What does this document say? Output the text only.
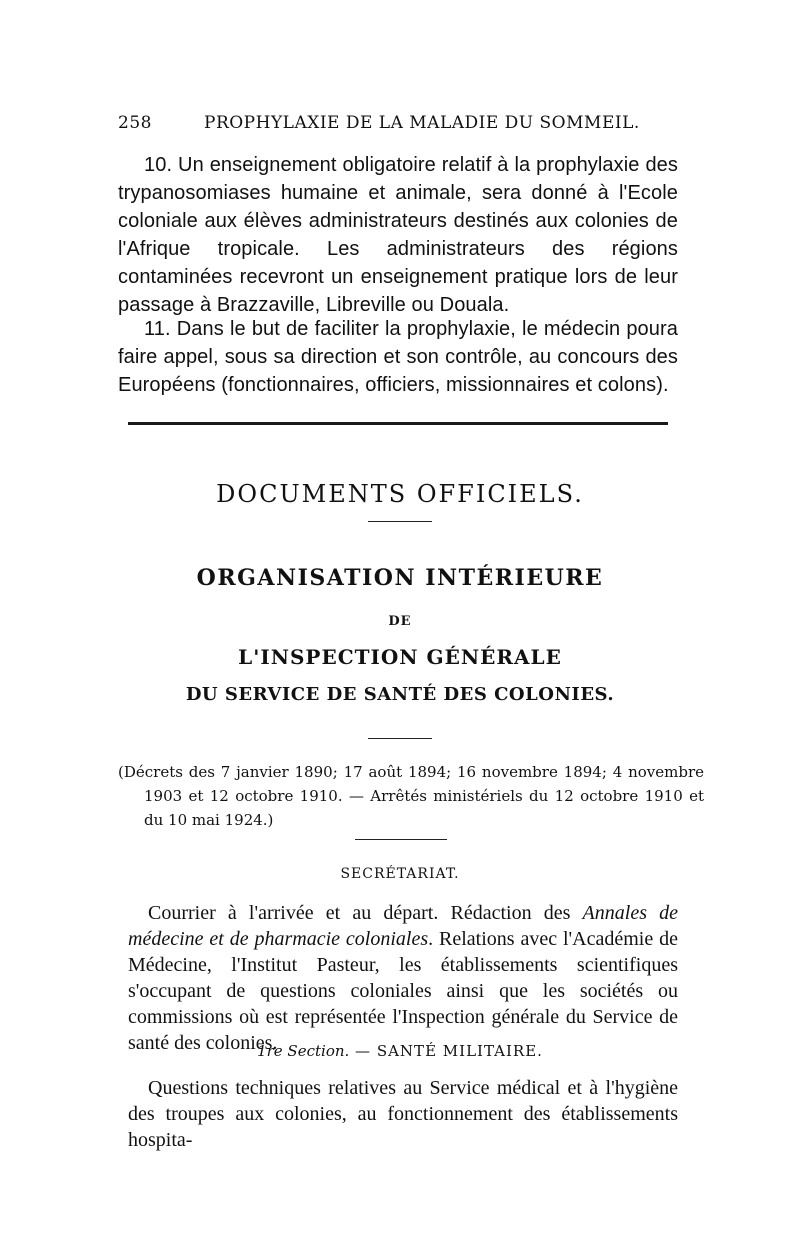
258	PROPHYLAXIE DE LA MALADIE DU SOMMEIL.

10. Un enseignement obligatoire relatif à la prophylaxie des trypanosomiases humaine et animale, sera donné à l'Ecole coloniale aux élèves administrateurs destinés aux colonies de l'Afrique tropicale. Les administrateurs des régions contaminées recevront un enseignement pratique lors de leur passage à Brazzaville, Libreville ou Douala.

11. Dans le but de faciliter la prophylaxie, le médecin poura faire appel, sous sa direction et son contrôle, au concours des Européens (fonctionnaires, officiers, missionnaires et colons).

DOCUMENTS OFFICIELS.
ORGANISATION INTÉRIEURE
DE
L'INSPECTION GÉNÉRALE
DU SERVICE DE SANTÉ DES COLONIES.

(Décrets des 7 janvier 1890; 17 août 1894; 16 novembre 1894; 4 novembre 1903 et 12 octobre 1910. — Arrêtés ministériels du 12 octobre 1910 et du 10 mai 1924.)

SECRÉTARIAT.

Courrier à l'arrivée et au départ. Rédaction des Annales de médecine et de pharmacie coloniales. Relations avec l'Académie de Médecine, l'Institut Pasteur, les établissements scientifiques s'occupant de questions coloniales ainsi que les sociétés ou commissions où est représentée l'Inspection générale du Service de santé des colonies.

1re Section. — SANTÉ MILITAIRE.

Questions techniques relatives au Service médical et à l'hygiène des troupes aux colonies, au fonctionnement des établissements hospita-
